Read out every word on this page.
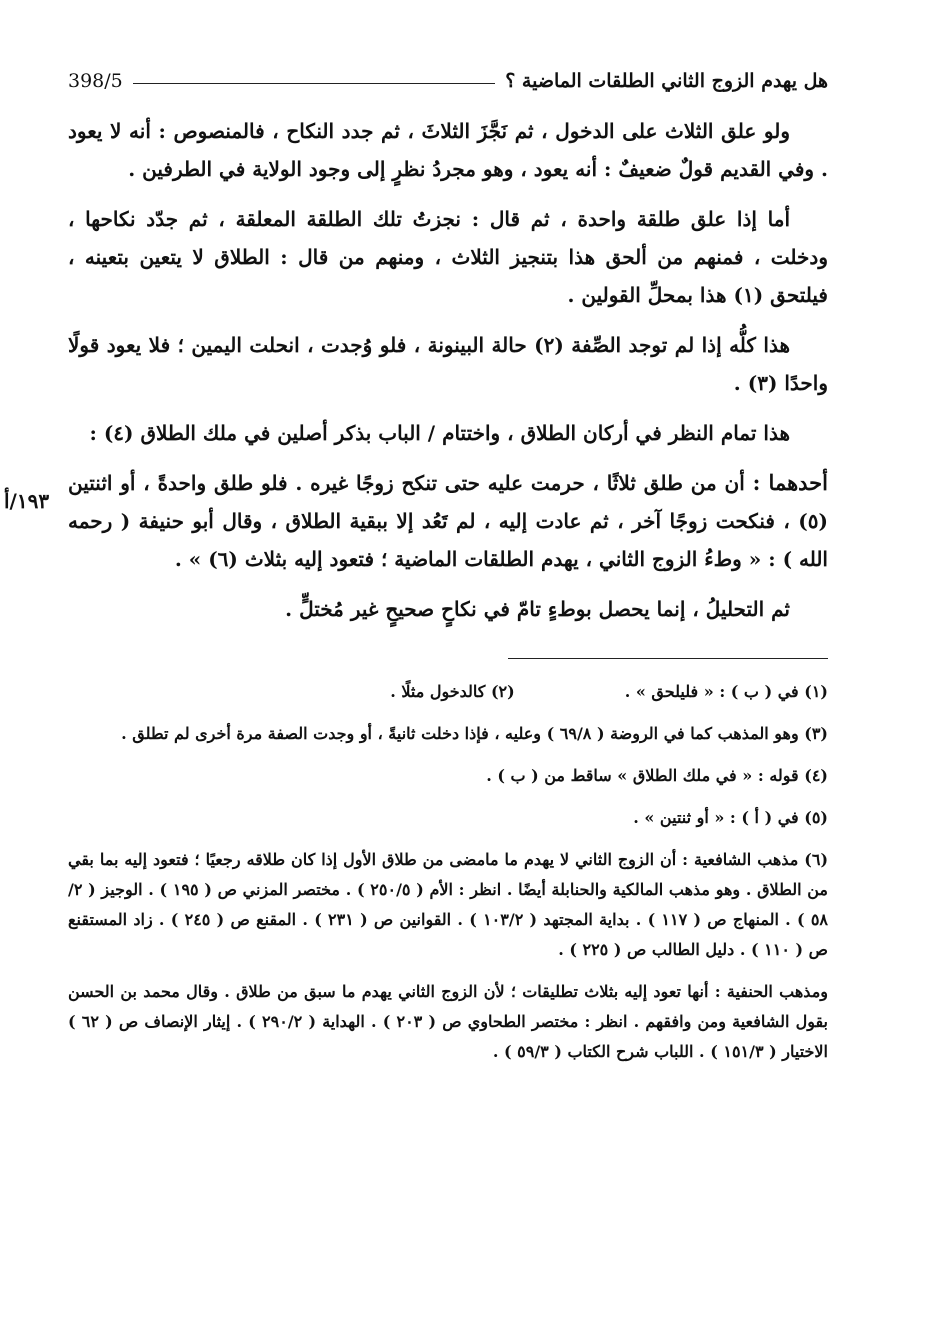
١٩٣/أ
هل يهدم الزوج الثاني الطلقات الماضية ؟
398/5

ولو علق الثلاث على الدخول ، ثم نَجَّزَ الثلاثَ ، ثم جدد النكاح ، فالمنصوص : أنه لا يعود . وفي القديم قولٌ ضعيفٌ : أنه يعود ، وهو مجردُ نظرٍ إلى وجود الولاية في الطرفين .

أما إذا علق طلقة واحدة ، ثم قال : نجزتُ تلك الطلقة المعلقة ، ثم جدّد نكاحها ، ودخلت ، فمنهم من ألحق هذا بتنجيز الثلاث ، ومنهم من قال : الطلاق لا يتعين بتعينه ، فيلتحق (١) هذا بمحلِّ القولين .

هذا كلُّه إذا لم توجد الصِّفة (٢) حالة البينونة ، فلو وُجدت ، انحلت اليمين ؛ فلا يعود قولًا واحدًا (٣) .

هذا تمام النظر في أركان الطلاق ، واختتام / الباب بذكر أصلين في ملك الطلاق (٤) :

أحدهما : أن من طلق ثلاثًا ، حرمت عليه حتى تنكح زوجًا غيره . فلو طلق واحدةً ، أو اثنتين (٥) ، فنكحت زوجًا آخر ، ثم عادت إليه ، لم تَعُد إلا ببقية الطلاق ، وقال أبو حنيفة ( رحمه الله ) : « وطءُ الزوج الثاني ، يهدم الطلقات الماضية ؛ فتعود إليه بثلاث (٦) » .

ثم التحليلُ ، إنما يحصل بوطءٍ تامّ في نكاحٍ صحيحٍ غير مُختلٍّ .

(١) في ( ب ) : « فليلحق » .
(٢) كالدخول مثلًا .

(٣) وهو المذهب كما في الروضة ( ٦٩/٨ ) وعليه ، فإذا دخلت ثانيةً ، أو وجدت الصفة مرة أخرى لم تطلق .

(٤) قوله : « في ملك الطلاق » ساقط من ( ب ) .

(٥) في ( أ ) : « أو ثنتين » .

(٦) مذهب الشافعية : أن الزوج الثاني لا يهدم ما مامضى من طلاق الأول إذا كان طلاقه رجعيًا ؛ فتعود إليه بما بقي من الطلاق . وهو مذهب المالكية والحنابلة أيضًا . انظر : الأم ( ٢٥٠/٥ ) . مختصر المزني ص ( ١٩٥ ) . الوجيز ( ٢/ ٥٨ ) . المنهاج ص ( ١١٧ ) . بداية المجتهد ( ١٠٣/٢ ) . القوانين ص ( ٢٣١ ) . المقنع ص ( ٢٤٥ ) . زاد المستقنع ص ( ١١٠ ) . دليل الطالب ص ( ٢٢٥ ) .

ومذهب الحنفية : أنها تعود إليه بثلاث تطليقات ؛ لأن الزوج الثاني يهدم ما سبق من طلاق . وقال محمد بن الحسن بقول الشافعية ومن وافقهم . انظر : مختصر الطحاوي ص ( ٢٠٣ ) . الهداية ( ٢٩٠/٢ ) . إيثار الإنصاف ص ( ٦٢ ) الاختيار ( ١٥١/٣ ) . اللباب شرح الكتاب ( ٥٩/٣ ) .
